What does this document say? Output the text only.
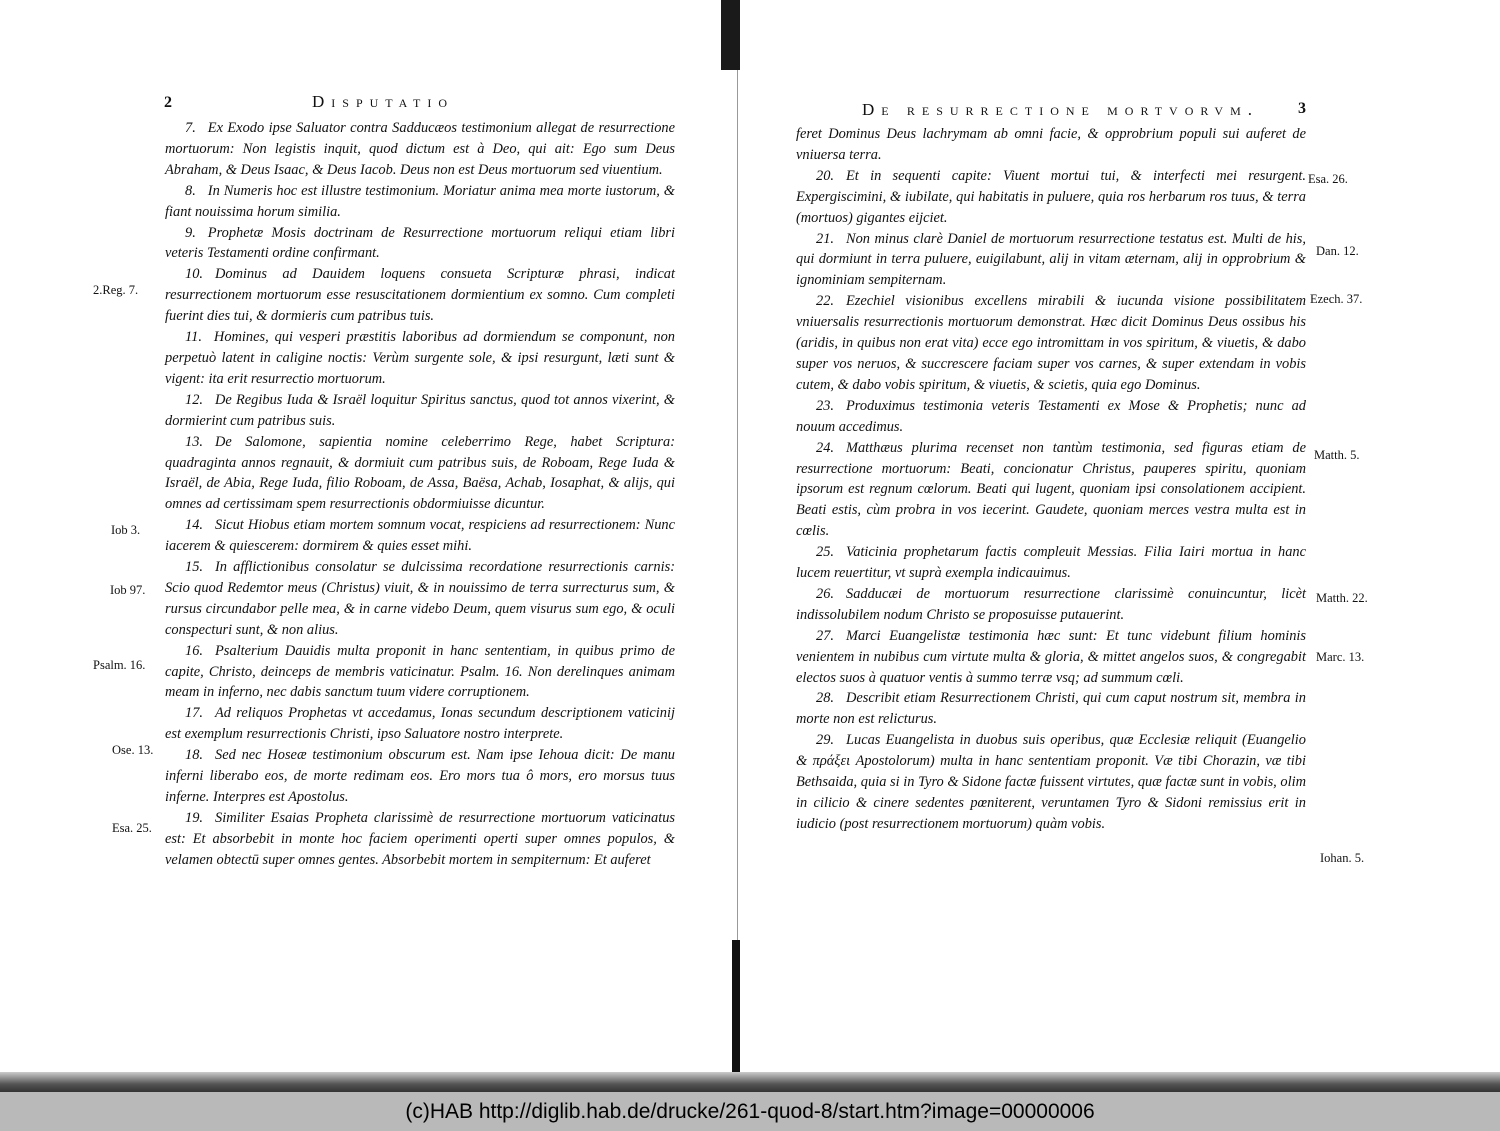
2	Disputatio

7. Ex Exodo ipse Saluator contra Sadducæos testimonium allegat de resurrectione mortuorum: Non legistis inquit, quod dictum est à Deo, qui ait: Ego sum Deus Abraham, & Deus Isaac, & Deus Iacob. Deus non est Deus mortuorum sed viuentium.

8. In Numeris hoc est illustre testimonium. Moriatur anima mea morte iustorum, & fiant nouissima horum similia.

9. Prophetæ Mosis doctrinam de Resurrectione mortuorum reliqui etiam libri veteris Testamenti ordine confirmant.

10. Dominus ad Dauidem loquens consueta Scripturæ phrasi, indicat resurrectionem mortuorum esse resuscitationem dormientium ex somno. Cum completi fuerint dies tui, & dormieris cum patribus tuis.

11. Homines, qui vesperi præstitis laboribus ad dormiendum se componunt, non perpetuò latent in caligine noctis: Verùm surgente sole, & ipsi resurgunt, læti sunt & vigent: ita erit resurrectio mortuorum.

12. De Regibus Iuda & Israël loquitur Spiritus sanctus, quod tot annos vixerint, & dormierint cum patribus suis.

13. De Salomone, sapientia nomine celeberrimo Rege, habet Scriptura: quadraginta annos regnauit, & dormiuit cum patribus suis, de Roboam, Rege Iuda & Israël, de Abia, Rege Iuda, filio Roboam, de Assa, Baësa, Achab, Iosaphat, & alijs, qui omnes ad certissimam spem resurrectionis obdormiuisse dicuntur.

14. Sicut Hiobus etiam mortem somnum vocat, respiciens ad resurrectionem: Nunc iacerem & quiescerem: dormirem & quies esset mihi.

15. In afflictionibus consolatur se dulcissima recordatione resurrectionis carnis: Scio quod Redemtor meus (Christus) viuit, & in nouissimo de terra surrecturus sum, & rursus circundabor pelle mea, & in carne videbo Deum, quem visurus sum ego, & oculi conspecturi sunt, & non alius.

16. Psalterium Dauidis multa proponit in hanc sententiam, in quibus primo de capite, Christo, deinceps de membris vaticinatur. Psalm. 16. Non derelinques animam meam in inferno, nec dabis sanctum tuum videre corruptionem.

17. Ad reliquos Prophetas vt accedamus, Ionas secundum descriptionem vaticinij est exemplum resurrectionis Christi, ipso Saluatore nostro interprete.

18. Sed nec Hoseæ testimonium obscurum est. Nam ipse Iehoua dicit: De manu inferni liberabo eos, de morte redimam eos. Ero mors tua ô mors, ero morsus tuus inferne. Interpres est Apostolus.

19. Similiter Esaias Propheta clarissimè de resurrectione mortuorum vaticinatus est: Et absorbebit in monte hoc faciem operimenti operti super omnes populos, & velamen obtectū super omnes gentes. Absorbebit mortem in sempiternum: Et auferet

2.Reg. 7.
Iob 3.
Iob 97.
Psalm. 16.
Ose. 13.
Esa. 25.
De resurrectione mortvorvm. 3

feret Dominus Deus lachrymam ab omni facie, & opprobrium populi sui auferet de vniuersa terra.

20. Et in sequenti capite: Viuent mortui tui, & interfecti mei resurgent. Expergiscimini, & iubilate, qui habitatis in puluere, quia ros herbarum ros tuus, & terra (mortuos) gigantes eijciet.

21. Non minus clarè Daniel de mortuorum resurrectione testatus est. Multi de his, qui dormiunt in terra puluere, euigilabunt, alij in vitam æternam, alij in opprobrium & ignominiam sempiternam.

22. Ezechiel visionibus excellens mirabili & iucunda visione possibilitatem vniuersalis resurrectionis mortuorum demonstrat. Hæc dicit Dominus Deus ossibus his (aridis, in quibus non erat vita) ecce ego intromittam in vos spiritum, & viuetis, & dabo super vos neruos, & succrescere faciam super vos carnes, & super extendam in vobis cutem, & dabo vobis spiritum, & viuetis, & scietis, quia ego Dominus.

23. Produximus testimonia veteris Testamenti ex Mose & Prophetis; nunc ad nouum accedimus.

24. Matthæus plurima recenset non tantùm testimonia, sed figuras etiam de resurrectione mortuorum: Beati, concionatur Christus, pauperes spiritu, quoniam ipsorum est regnum cœlorum. Beati qui lugent, quoniam ipsi consolationem accipient. Beati estis, cùm probra in vos iecerint. Gaudete, quoniam merces vestra multa est in cœlis.

25. Vaticinia prophetarum factis compleuit Messias. Filia Iairi mortua in hanc lucem reuertitur, vt suprà exempla indicauimus.

26. Sadducæi de mortuorum resurrectione clarissimè conuincuntur, licèt indissolubilem nodum Christo se proposuisse putauerint.

27. Marci Euangelistæ testimonia hæc sunt: Et tunc videbunt filium hominis venientem in nubibus cum virtute multa & gloria, & mittet angelos suos, & congregabit electos suos à quatuor ventis à summo terræ vsq; ad summum cœli.

28. Describit etiam Resurrectionem Christi, qui cum caput nostrum sit, membra in morte non est relicturus.

29. Lucas Euangelista in duobus suis operibus, quæ Ecclesiæ reliquit (Euangelio & πράξει Apostolorum) multa in hanc sententiam proponit. Væ tibi Chorazin, væ tibi Bethsaida, quia si in Tyro & Sidone factæ fuissent virtutes, quæ factæ sunt in vobis, olim in cilicio & cinere sedentes pœniterent, veruntamen Tyro & Sidoni remissius erit in iudicio (post resurrectionem mortuorum) quàm vobis.

Esa. 26.
Dan. 12.
Ezech. 37.
Matth. 5.
Matth. 22.
Marc. 13.
Iohan. 5.
(c)HAB http://diglib.hab.de/drucke/261-quod-8/start.htm?image=00000006
